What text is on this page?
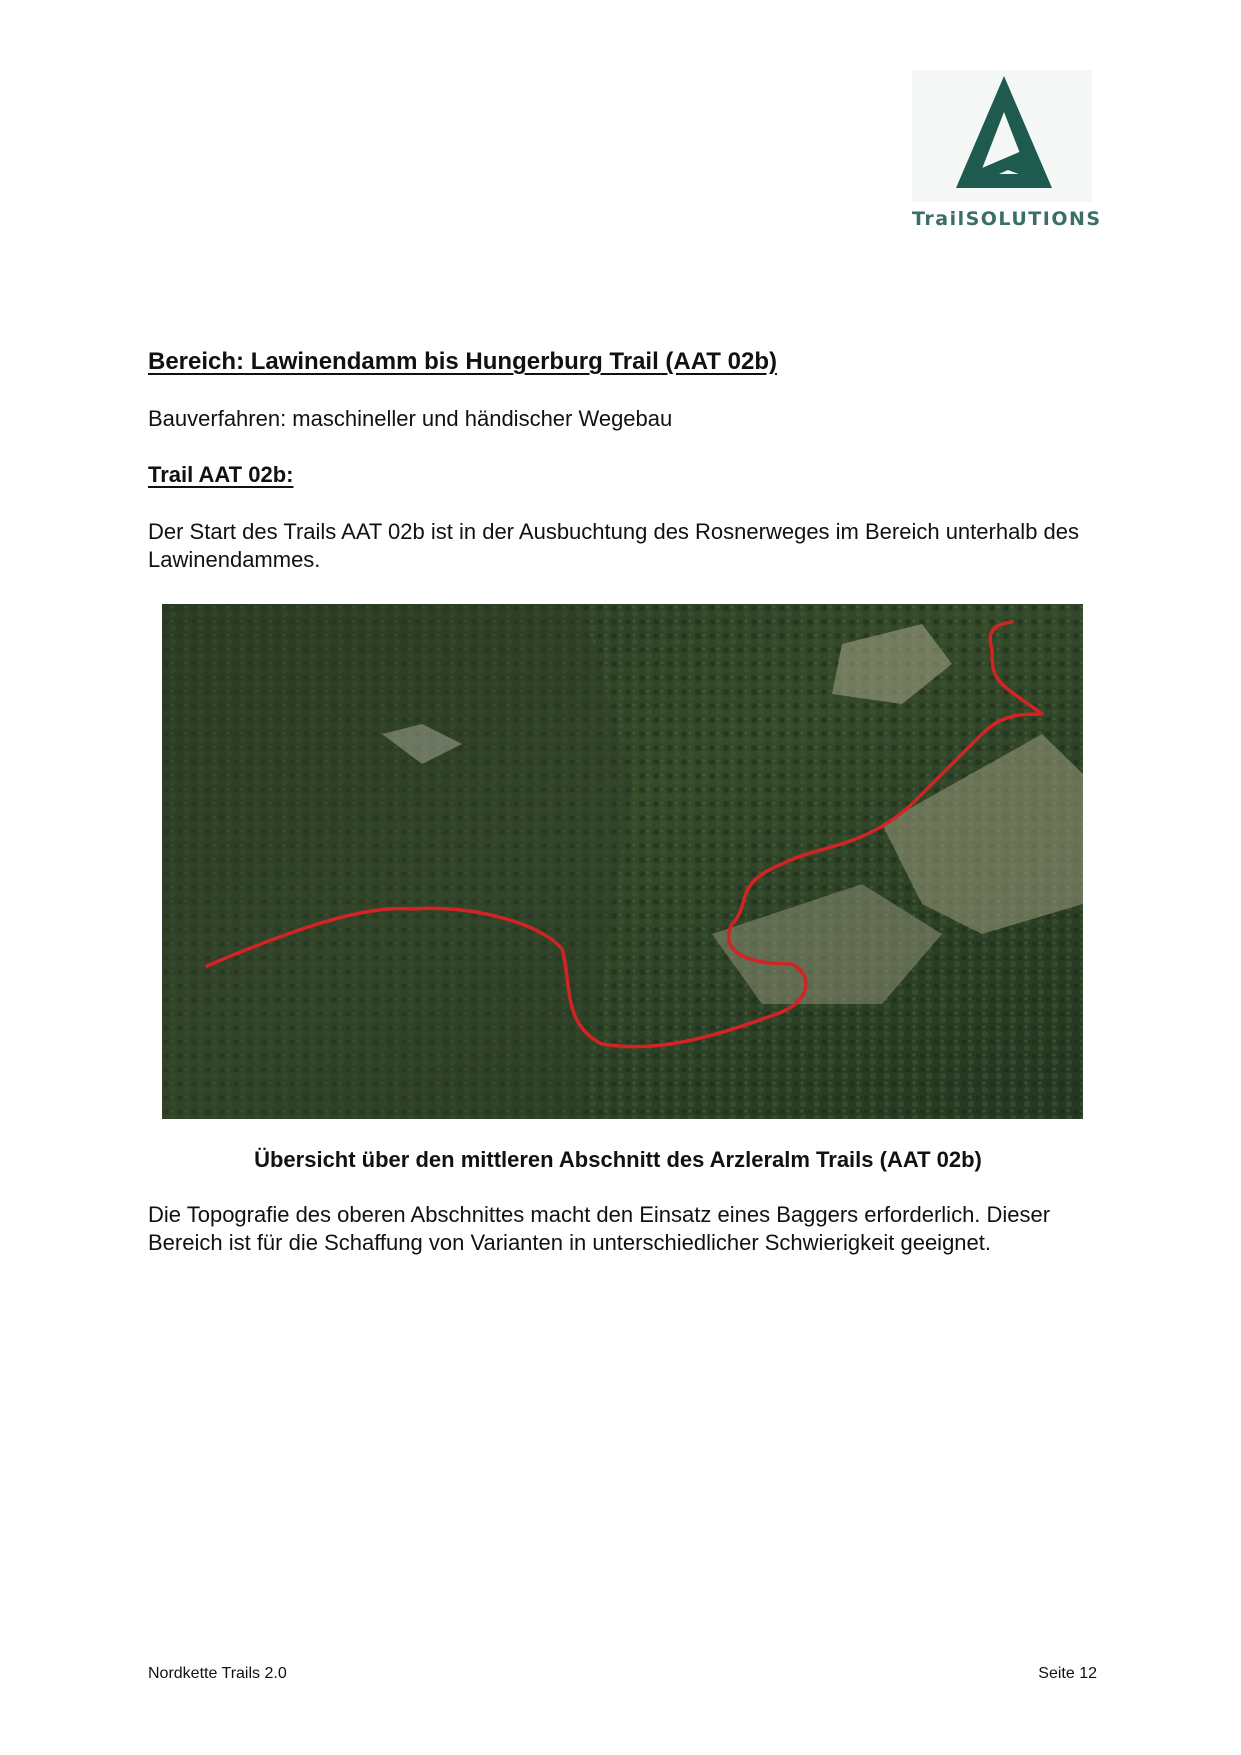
TrailSOLUTIONS
Bereich: Lawinendamm bis Hungerburg Trail (AAT 02b)

Bauverfahren: maschineller und händischer Wegebau

Trail AAT 02b:

Der Start des Trails AAT 02b ist in der Ausbuchtung des Rosnerweges im Bereich unterhalb des Lawinendammes.

Übersicht über den mittleren Abschnitt des Arzleralm Trails (AAT 02b)

Die Topografie des oberen Abschnittes macht den Einsatz eines Baggers erforderlich. Dieser Bereich ist für die Schaffung von Varianten in unterschiedlicher Schwierigkeit geeignet.

Nordkette Trails 2.0	Seite 12
